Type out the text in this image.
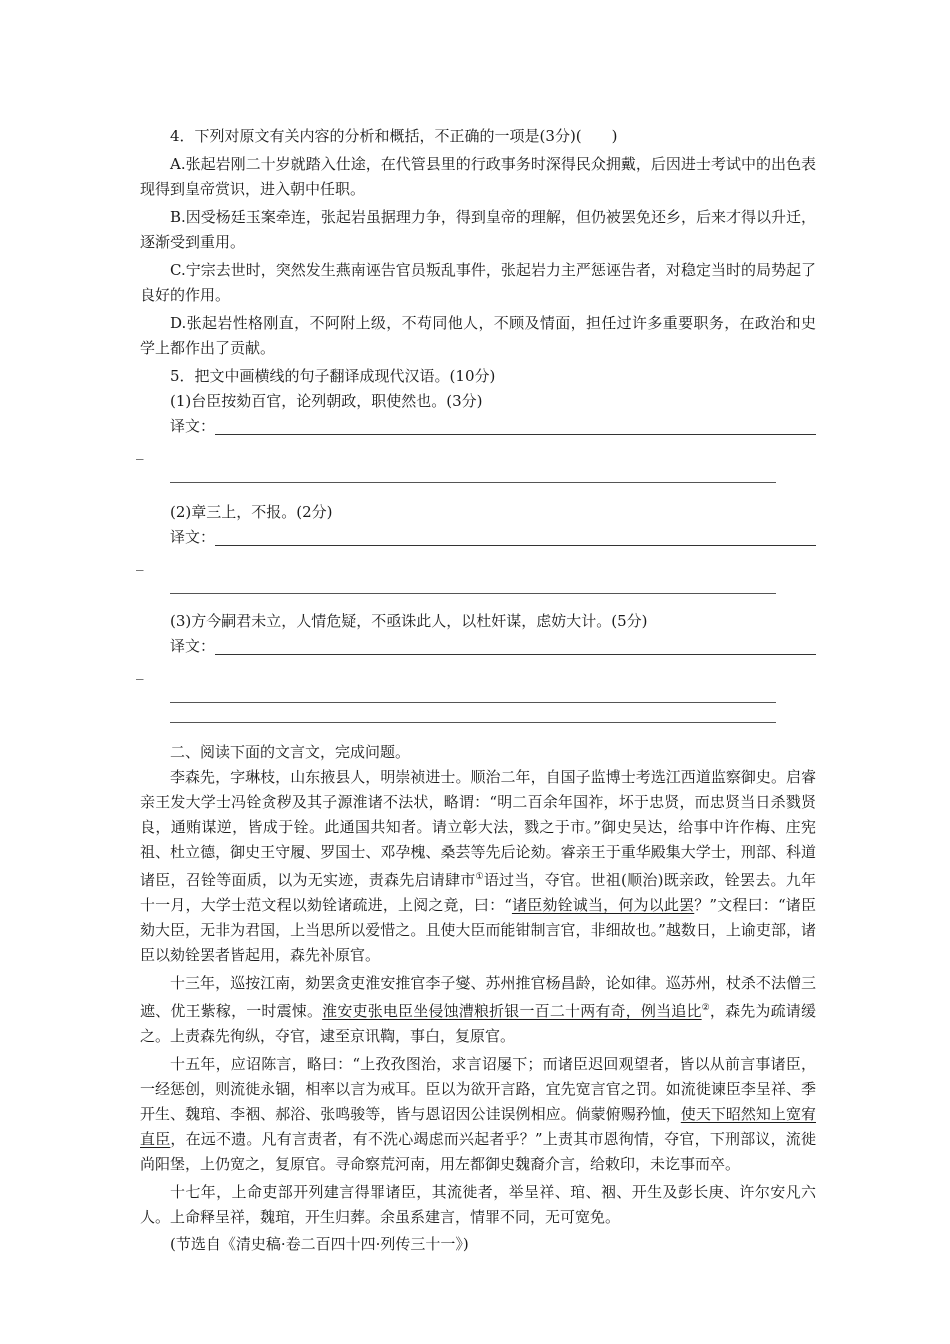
4．下列对原文有关内容的分析和概括，不正确的一项是(3分)(　　)

A.张起岩刚二十岁就踏入仕途，在代管县里的行政事务时深得民众拥戴，后因进士考试中的出色表现得到皇帝赏识，进入朝中任职。

B.因受杨廷玉案牵连，张起岩虽据理力争，得到皇帝的理解，但仍被罢免还乡，后来才得以升迁，逐渐受到重用。

C.宁宗去世时，突然发生燕南诬告官员叛乱事件，张起岩力主严惩诬告者，对稳定当时的局势起了良好的作用。

D.张起岩性格刚直，不阿附上级，不苟同他人，不顾及情面，担任过许多重要职务，在政治和史学上都作出了贡献。

5．把文中画横线的句子翻译成现代汉语。(10分)

(1)台臣按劾百官，论列朝政，职使然也。(3分)

译文：
_

(2)章三上，不报。(2分)

译文：
_

(3)方今嗣君未立，人情危疑，不亟诛此人，以杜奸谋，虑妨大计。(5分)

译文：
_

二、阅读下面的文言文，完成问题。

李森先，字琳枝，山东掖县人，明崇祯进士。顺治二年，自国子监博士考选江西道监察御史。启睿亲王发大学士冯铨贪秽及其子源淮诸不法状，略谓：“明二百余年国祚，坏于忠贤，而忠贤当日杀戮贤良，通贿谋逆，皆成于铨。此通国共知者。请立彰大法，戮之于市。”御史吴达，给事中许作梅、庄宪祖、杜立德，御史王守履、罗国士、邓孕槐、桑芸等先后论劾。睿亲王于重华殿集大学士，刑部、科道诸臣，召铨等面质，以为无实迹，责森先启请肆市①语过当，夺官。世祖(顺治)既亲政，铨罢去。九年十一月，大学士范文程以劾铨诸疏进，上阅之竟，曰：“诸臣劾铨诚当，何为以此罢？”文程曰：“诸臣劾大臣，无非为君国，上当思所以爱惜之。且使大臣而能钳制言官，非细故也。”越数日，上谕吏部，诸臣以劾铨罢者皆起用，森先补原官。

十三年，巡按江南，劾罢贪吏淮安推官李子燮、苏州推官杨昌龄，论如律。巡苏州，杖杀不法僧三遮、优王紫稼，一时震悚。淮安吏张电臣坐侵蚀漕粮折银一百二十两有奇，例当追比②，森先为疏请缓之。上责森先徇纵，夺官，逮至京讯鞫，事白，复原官。

十五年，应诏陈言，略曰：“上孜孜图治，求言诏屡下；而诸臣迟回观望者，皆以从前言事诸臣，一经惩创，则流徙永锢，相率以言为戒耳。臣以为欲开言路，宜先宽言官之罚。如流徙谏臣李呈祥、季开生、魏琯、李裀、郝浴、张鸣骏等，皆与恩诏因公诖误例相应。倘蒙俯赐矜恤，使天下昭然知上宽宥直臣，在远不遗。凡有言责者，有不洗心竭虑而兴起者乎？”上责其市恩徇情，夺官，下刑部议，流徙尚阳堡，上仍宽之，复原官。寻命察荒河南，用左都御史魏裔介言，给敕印，未讫事而卒。

十七年，上命吏部开列建言得罪诸臣，其流徙者，举呈祥、琯、裀、开生及彭长庚、许尔安凡六人。上命释呈祥，魏琯，开生归葬。余虽系建言，情罪不同，无可宽免。

(节选自《清史稿·卷二百四十四·列传三十一》)
